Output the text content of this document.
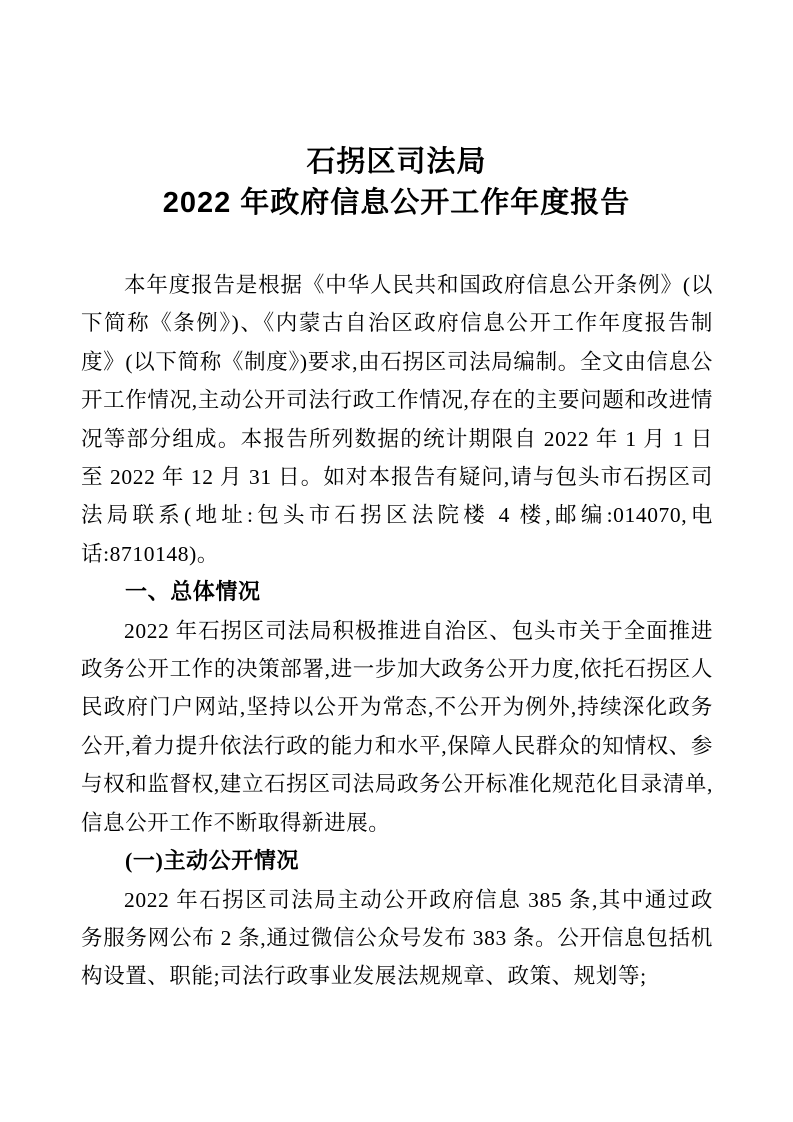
石拐区司法局
2022 年政府信息公开工作年度报告

本年度报告是根据《中华人民共和国政府信息公开条例》(以下简称《条例》)、《内蒙古自治区政府信息公开工作年度报告制度》(以下简称《制度》)要求,由石拐区司法局编制。全文由信息公开工作情况,主动公开司法行政工作情况,存在的主要问题和改进情况等部分组成。本报告所列数据的统计期限自 2022 年 1 月 1 日至 2022 年 12 月 31 日。如对本报告有疑问,请与包头市石拐区司法局联系(地址:包头市石拐区法院楼 4 楼,邮编:014070,电话:8710148)。

一、总体情况

2022 年石拐区司法局积极推进自治区、包头市关于全面推进政务公开工作的决策部署,进一步加大政务公开力度,依托石拐区人民政府门户网站,坚持以公开为常态,不公开为例外,持续深化政务公开,着力提升依法行政的能力和水平,保障人民群众的知情权、参与权和监督权,建立石拐区司法局政务公开标准化规范化目录清单,信息公开工作不断取得新进展。

(一)主动公开情况

2022 年石拐区司法局主动公开政府信息 385 条,其中通过政务服务网公布 2 条,通过微信公众号发布 383 条。公开信息包括机构设置、职能;司法行政事业发展法规规章、政策、规划等;
